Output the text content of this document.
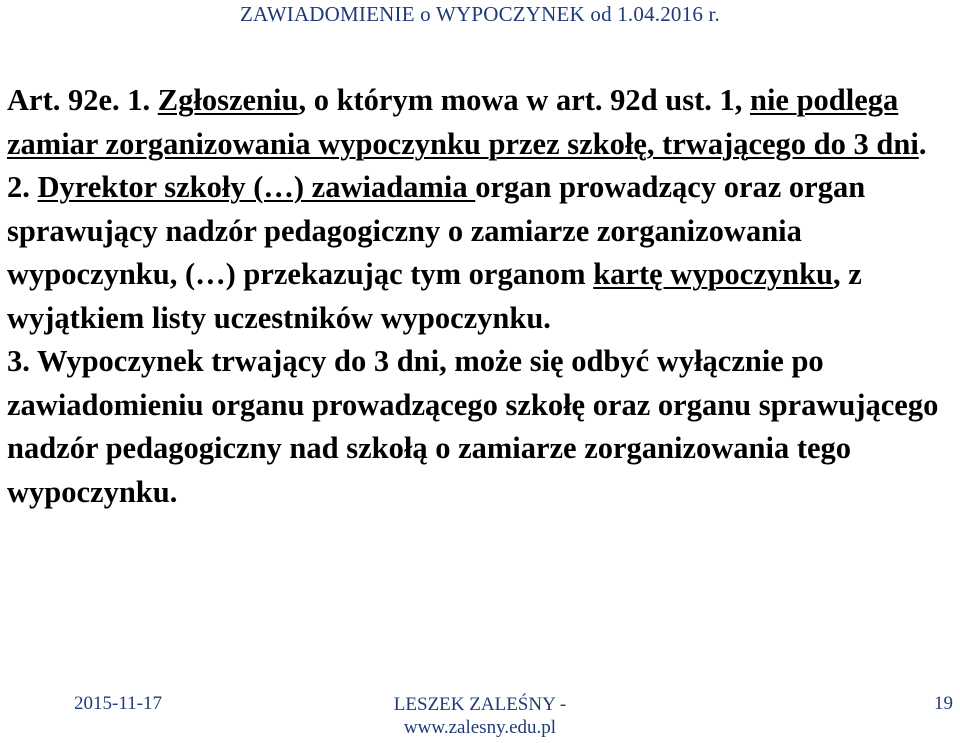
ZAWIADOMIENIE o WYPOCZYNEK od 1.04.2016 r.

Art. 92e. 1. Zgłoszeniu, o którym mowa w art. 92d ust. 1, nie podlega zamiar zorganizowania wypoczynku przez szkołę, trwającego do 3 dni.

2. Dyrektor szkoły (…) zawiadamia organ prowadzący oraz organ sprawujący nadzór pedagogiczny o zamiarze zorganizowania wypoczynku, (…) przekazując tym organom kartę wypoczynku, z wyjątkiem listy uczestników wypoczynku.

3. Wypoczynek trwający do 3 dni, może się odbyć wyłącznie po zawiadomieniu organu prowadzącego szkołę oraz organu sprawującego nadzór pedagogiczny nad szkołą o zamiarze zorganizowania tego wypoczynku.

2015-11-17	LESZEK ZALEŚNY -
www.zalesny.edu.pl
19
